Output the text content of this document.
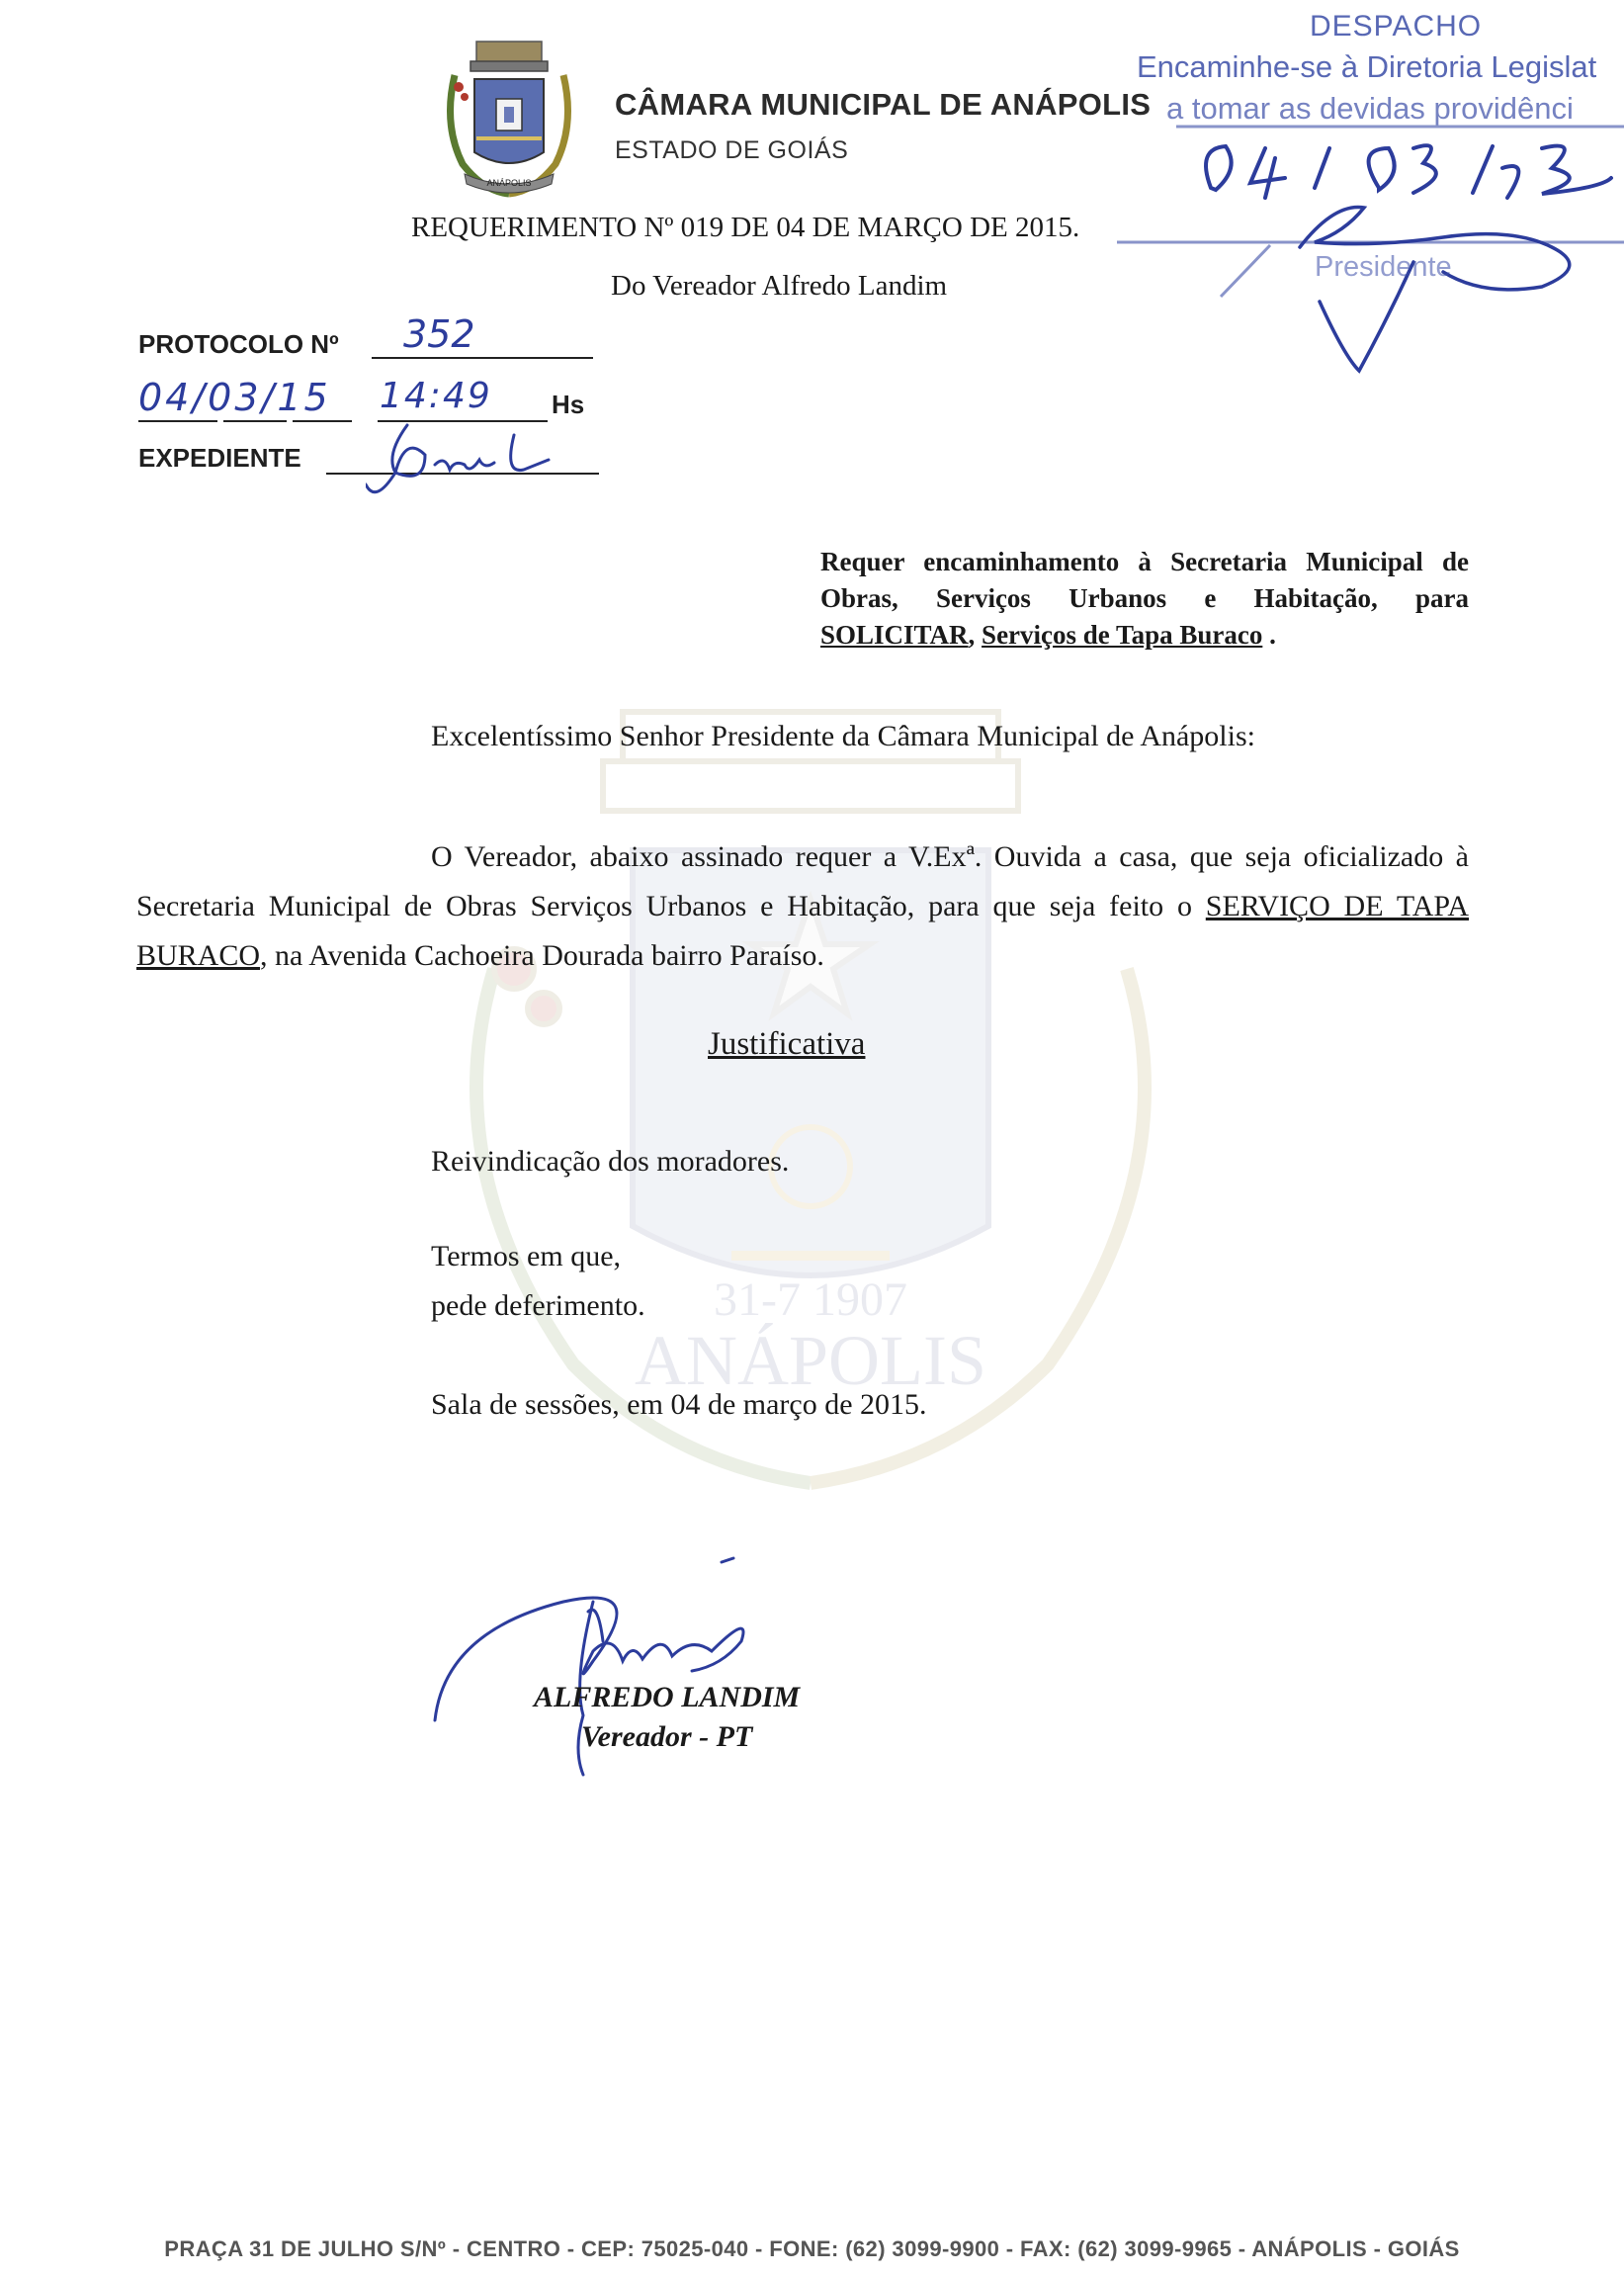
ANÁPOLIS
31-7 1907
ANÁPOLIS
CÂMARA MUNICIPAL DE ANÁPOLIS
ESTADO DE GOIÁS
DESPACHO
Encaminhe-se à Diretoria Legislat
a tomar as devidas providênci
Presidente
REQUERIMENTO Nº 019 DE 04 DE MARÇO DE 2015.
Do Vereador Alfredo Landim
PROTOCOLO Nº 352
04/03/15 14:49 Hs
EXPEDIENTE
Requer encaminhamento à Secretaria Municipal de Obras, Serviços Urbanos e Habitação, para SOLICITAR, Serviços de Tapa Buraco .
Excelentíssimo Senhor Presidente da Câmara Municipal de Anápolis:
O Vereador, abaixo assinado requer a V.Exª. Ouvida a casa, que seja oficializado à Secretaria Municipal de Obras Serviços Urbanos e Habitação, para que seja feito o SERVIÇO DE TAPA BURACO, na Avenida Cachoeira Dourada bairro Paraíso.
Justificativa
Reivindicação dos moradores.
Termos em que,
pede deferimento.
Sala de sessões, em 04 de março de 2015.
ALFREDO LANDIM
Vereador - PT
PRAÇA 31 DE JULHO S/Nº - CENTRO - CEP: 75025-040 - FONE: (62) 3099-9900 - FAX: (62) 3099-9965 - ANÁPOLIS - GOIÁS
